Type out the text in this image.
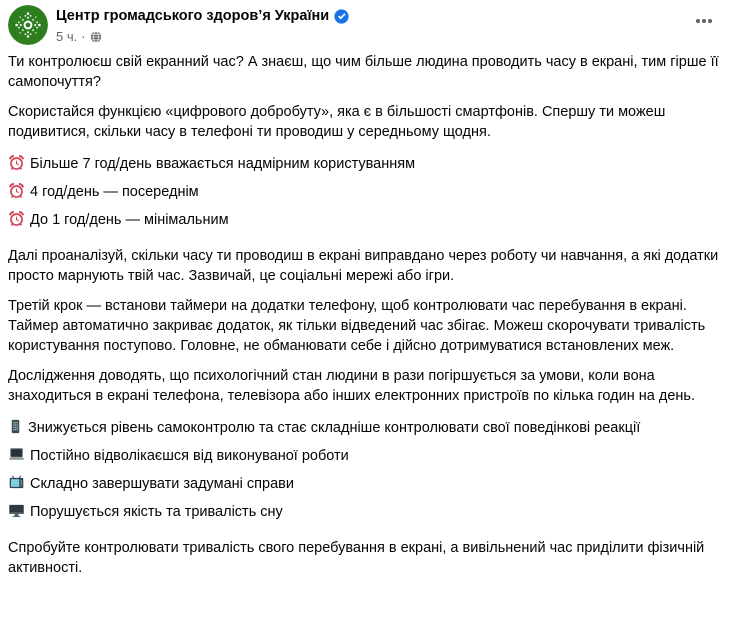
Центр громадського здоров’я України
5 ч. ·

Ти контролюєш свій екранний час? А знаєш, що чим більше людина проводить часу в екрані, тим гірше її самопочуття?

Скористайся функцією «цифрового добробуту», яка є в більшості смартфонів. Спершу ти можеш подивитися, скільки часу в телефоні ти проводиш у середньому щодня.

Більше 7 год/день вважається надмірним користуванням

4 год/день — посереднім

До 1 год/день — мінімальним

Далі проаналізуй, скільки часу ти проводиш в екрані виправдано через роботу чи навчання, а які додатки просто марнують твій час. Зазвичай, це соціальні мережі або ігри.

Третій крок — встанови таймери на додатки телефону, щоб контролювати час перебування в екрані. Таймер автоматично закриває додаток, як тільки відведений час збігає. Можеш скорочувати тривалість користування поступово. Головне, не обманювати себе і дійсно дотримуватися встановлених меж.

Дослідження доводять, що психологічний стан людини в рази погіршується за умови, коли вона знаходиться в екрані телефона, телевізора або інших електронних пристроїв по кілька годин на день.

Знижується рівень самоконтролю та стає складніше контролювати свої поведінкові реакції

Постійно відволікаєшся від виконуваної роботи

Складно завершувати задумані справи

Порушується якість та тривалість сну

Спробуйте контролювати тривалість свого перебування в екрані, а вивільнений час приділити фізичній активності.
